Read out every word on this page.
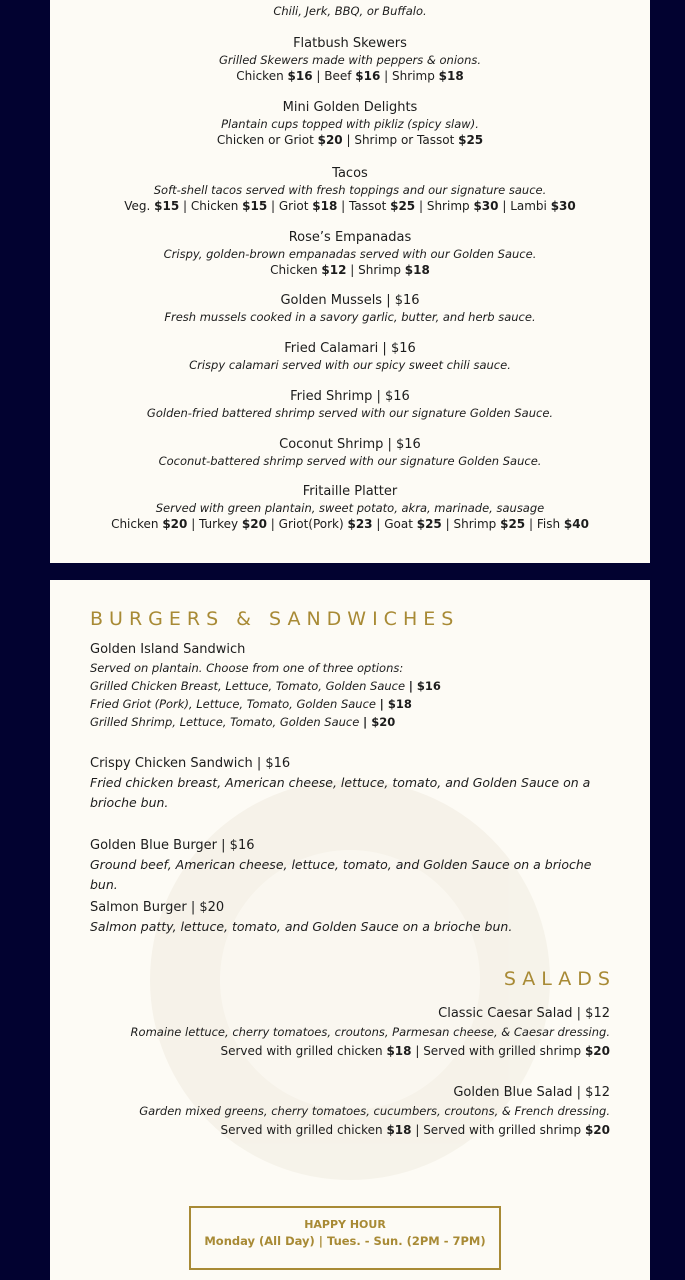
Chili, Jerk, BBQ, or Buffalo.

Flatbush Skewers

Grilled Skewers made with peppers & onions.

Chicken $16 | Beef $16 | Shrimp $18

Mini Golden Delights

Plantain cups topped with pikliz (spicy slaw).

Chicken or Griot $20 | Shrimp or Tassot $25

Tacos

Soft-shell tacos served with fresh toppings and our signature sauce.

Veg. $15 | Chicken $15 | Griot $18 | Tassot $25 | Shrimp $30 | Lambi $30

Rose’s Empanadas

Crispy, golden-brown empanadas served with our Golden Sauce.

Chicken $12 | Shrimp $18

Golden Mussels | $16

Fresh mussels cooked in a savory garlic, butter, and herb sauce.

Fried Calamari | $16

Crispy calamari served with our spicy sweet chili sauce.

Fried Shrimp | $16

Golden-fried battered shrimp served with our signature Golden Sauce.

Coconut Shrimp | $16

Coconut-battered shrimp served with our signature Golden Sauce.

Fritaille Platter

Served with green plantain, sweet potato, akra, marinade, sausage

Chicken $20 | Turkey $20 | Griot(Pork) $23 | Goat $25 | Shrimp $25 | Fish $40

BURGERS & SANDWICHES

Golden Island Sandwich

Served on plantain. Choose from one of three options:

Grilled Chicken Breast, Lettuce, Tomato, Golden Sauce | $16

Fried Griot (Pork), Lettuce, Tomato, Golden Sauce | $18

Grilled Shrimp, Lettuce, Tomato, Golden Sauce | $20

Crispy Chicken Sandwich | $16

Fried chicken breast, American cheese, lettuce, tomato, and Golden Sauce on a brioche bun.

Golden Blue Burger | $16

Ground beef, American cheese, lettuce, tomato, and Golden Sauce on a brioche bun.

Salmon Burger | $20

Salmon patty, lettuce, tomato, and Golden Sauce on a brioche bun.

SALADS

Classic Caesar Salad | $12

Romaine lettuce, cherry tomatoes, croutons, Parmesan cheese, & Caesar dressing.

Served with grilled chicken $18 | Served with grilled shrimp $20

Golden Blue Salad | $12

Garden mixed greens, cherry tomatoes, cucumbers, croutons, & French dressing.

Served with grilled chicken $18 | Served with grilled shrimp $20

HAPPY HOUR
Monday (All Day) | Tues. - Sun. (2PM - 7PM)
